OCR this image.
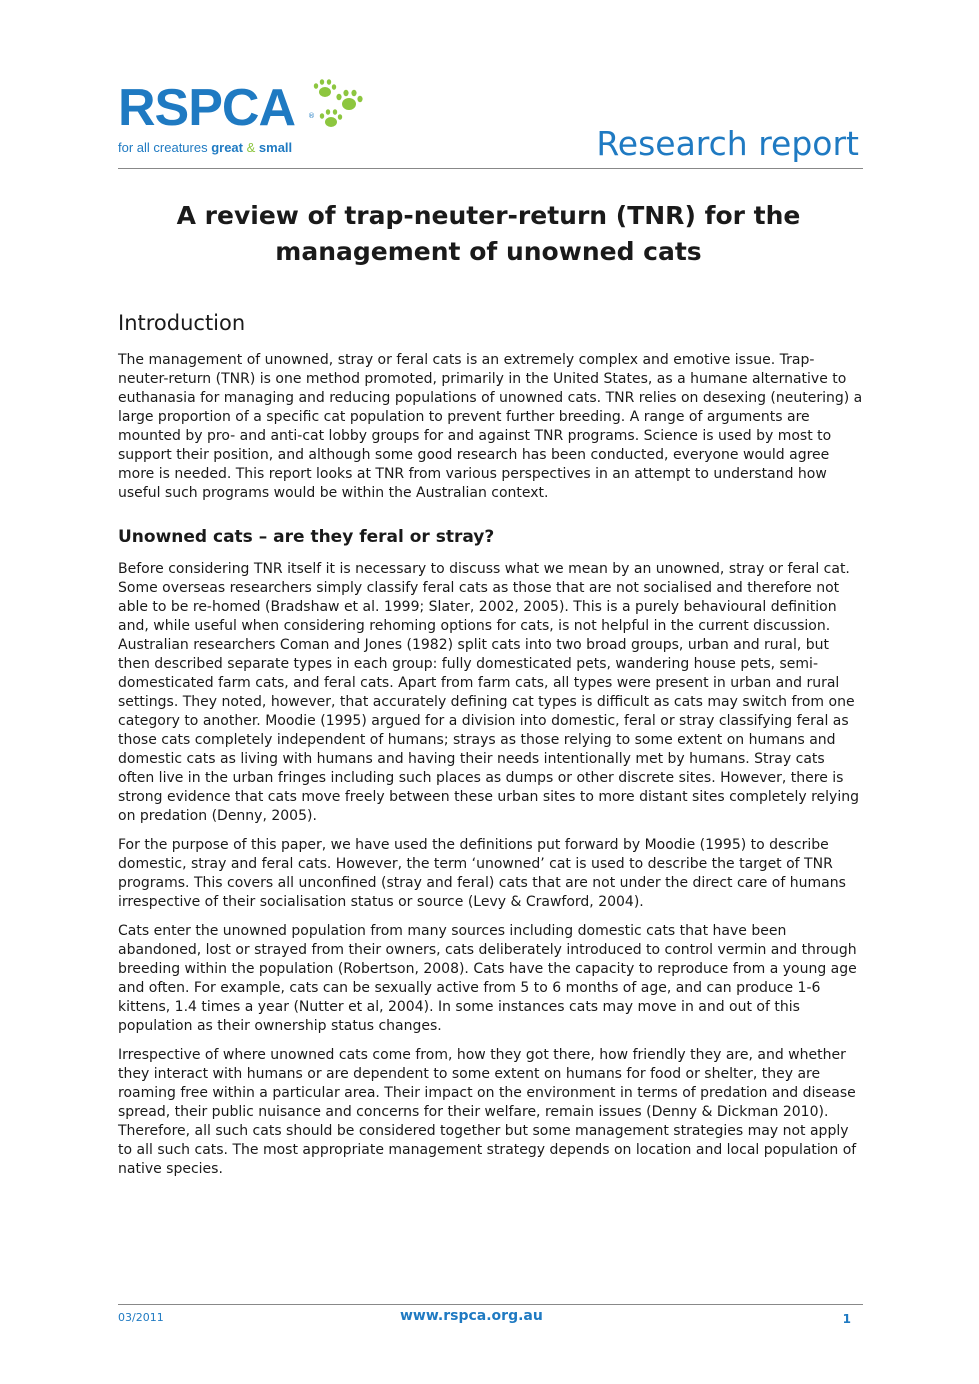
RSPCA ®
for all creatures great & small	Research report
A review of trap-neuter-return (TNR) for the
management of unowned cats
Introduction

The management of unowned, stray or feral cats is an extremely complex and emotive issue. Trap-neuter-return (TNR) is one method promoted, primarily in the United States, as a humane alternative to euthanasia for managing and reducing populations of unowned cats. TNR relies on desexing (neutering) a large proportion of a specific cat population to prevent further breeding. A range of arguments are mounted by pro- and anti-cat lobby groups for and against TNR programs. Science is used by most to support their position, and although some good research has been conducted, everyone would agree more is needed. This report looks at TNR from various perspectives in an attempt to understand how useful such programs would be within the Australian context.

Unowned cats – are they feral or stray?

Before considering TNR itself it is necessary to discuss what we mean by an unowned, stray or feral cat. Some overseas researchers simply classify feral cats as those that are not socialised and therefore not able to be re-homed (Bradshaw et al. 1999; Slater, 2002, 2005). This is a purely behavioural definition and, while useful when considering rehoming options for cats, is not helpful in the current discussion. Australian researchers Coman and Jones (1982) split cats into two broad groups, urban and rural, but then described separate types in each group: fully domesticated pets, wandering house pets, semi-domesticated farm cats, and feral cats. Apart from farm cats, all types were present in urban and rural settings. They noted, however, that accurately defining cat types is difficult as cats may switch from one category to another. Moodie (1995) argued for a division into domestic, feral or stray classifying feral as those cats completely independent of humans; strays as those relying to some extent on humans and domestic cats as living with humans and having their needs intentionally met by humans. Stray cats often live in the urban fringes including such places as dumps or other discrete sites. However, there is strong evidence that cats move freely between these urban sites to more distant sites completely relying on predation (Denny, 2005).

For the purpose of this paper, we have used the definitions put forward by Moodie (1995) to describe domestic, stray and feral cats. However, the term ‘unowned’ cat is used to describe the target of TNR programs. This covers all unconfined (stray and feral) cats that are not under the direct care of humans irrespective of their socialisation status or source (Levy & Crawford, 2004).

Cats enter the unowned population from many sources including domestic cats that have been abandoned, lost or strayed from their owners, cats deliberately introduced to control vermin and through breeding within the population (Robertson, 2008). Cats have the capacity to reproduce from a young age and often. For example, cats can be sexually active from 5 to 6 months of age, and can produce 1-6 kittens, 1.4 times a year (Nutter et al, 2004). In some instances cats may move in and out of this population as their ownership status changes.

Irrespective of where unowned cats come from, how they got there, how friendly they are, and whether they interact with humans or are dependent to some extent on humans for food or shelter, they are roaming free within a particular area. Their impact on the environment in terms of predation and disease spread, their public nuisance and concerns for their welfare, remain issues (Denny & Dickman 2010). Therefore, all such cats should be considered together but some management strategies may not apply to all such cats. The most appropriate management strategy depends on location and local population of native species.

03/2011	www.rspca.org.au	1
